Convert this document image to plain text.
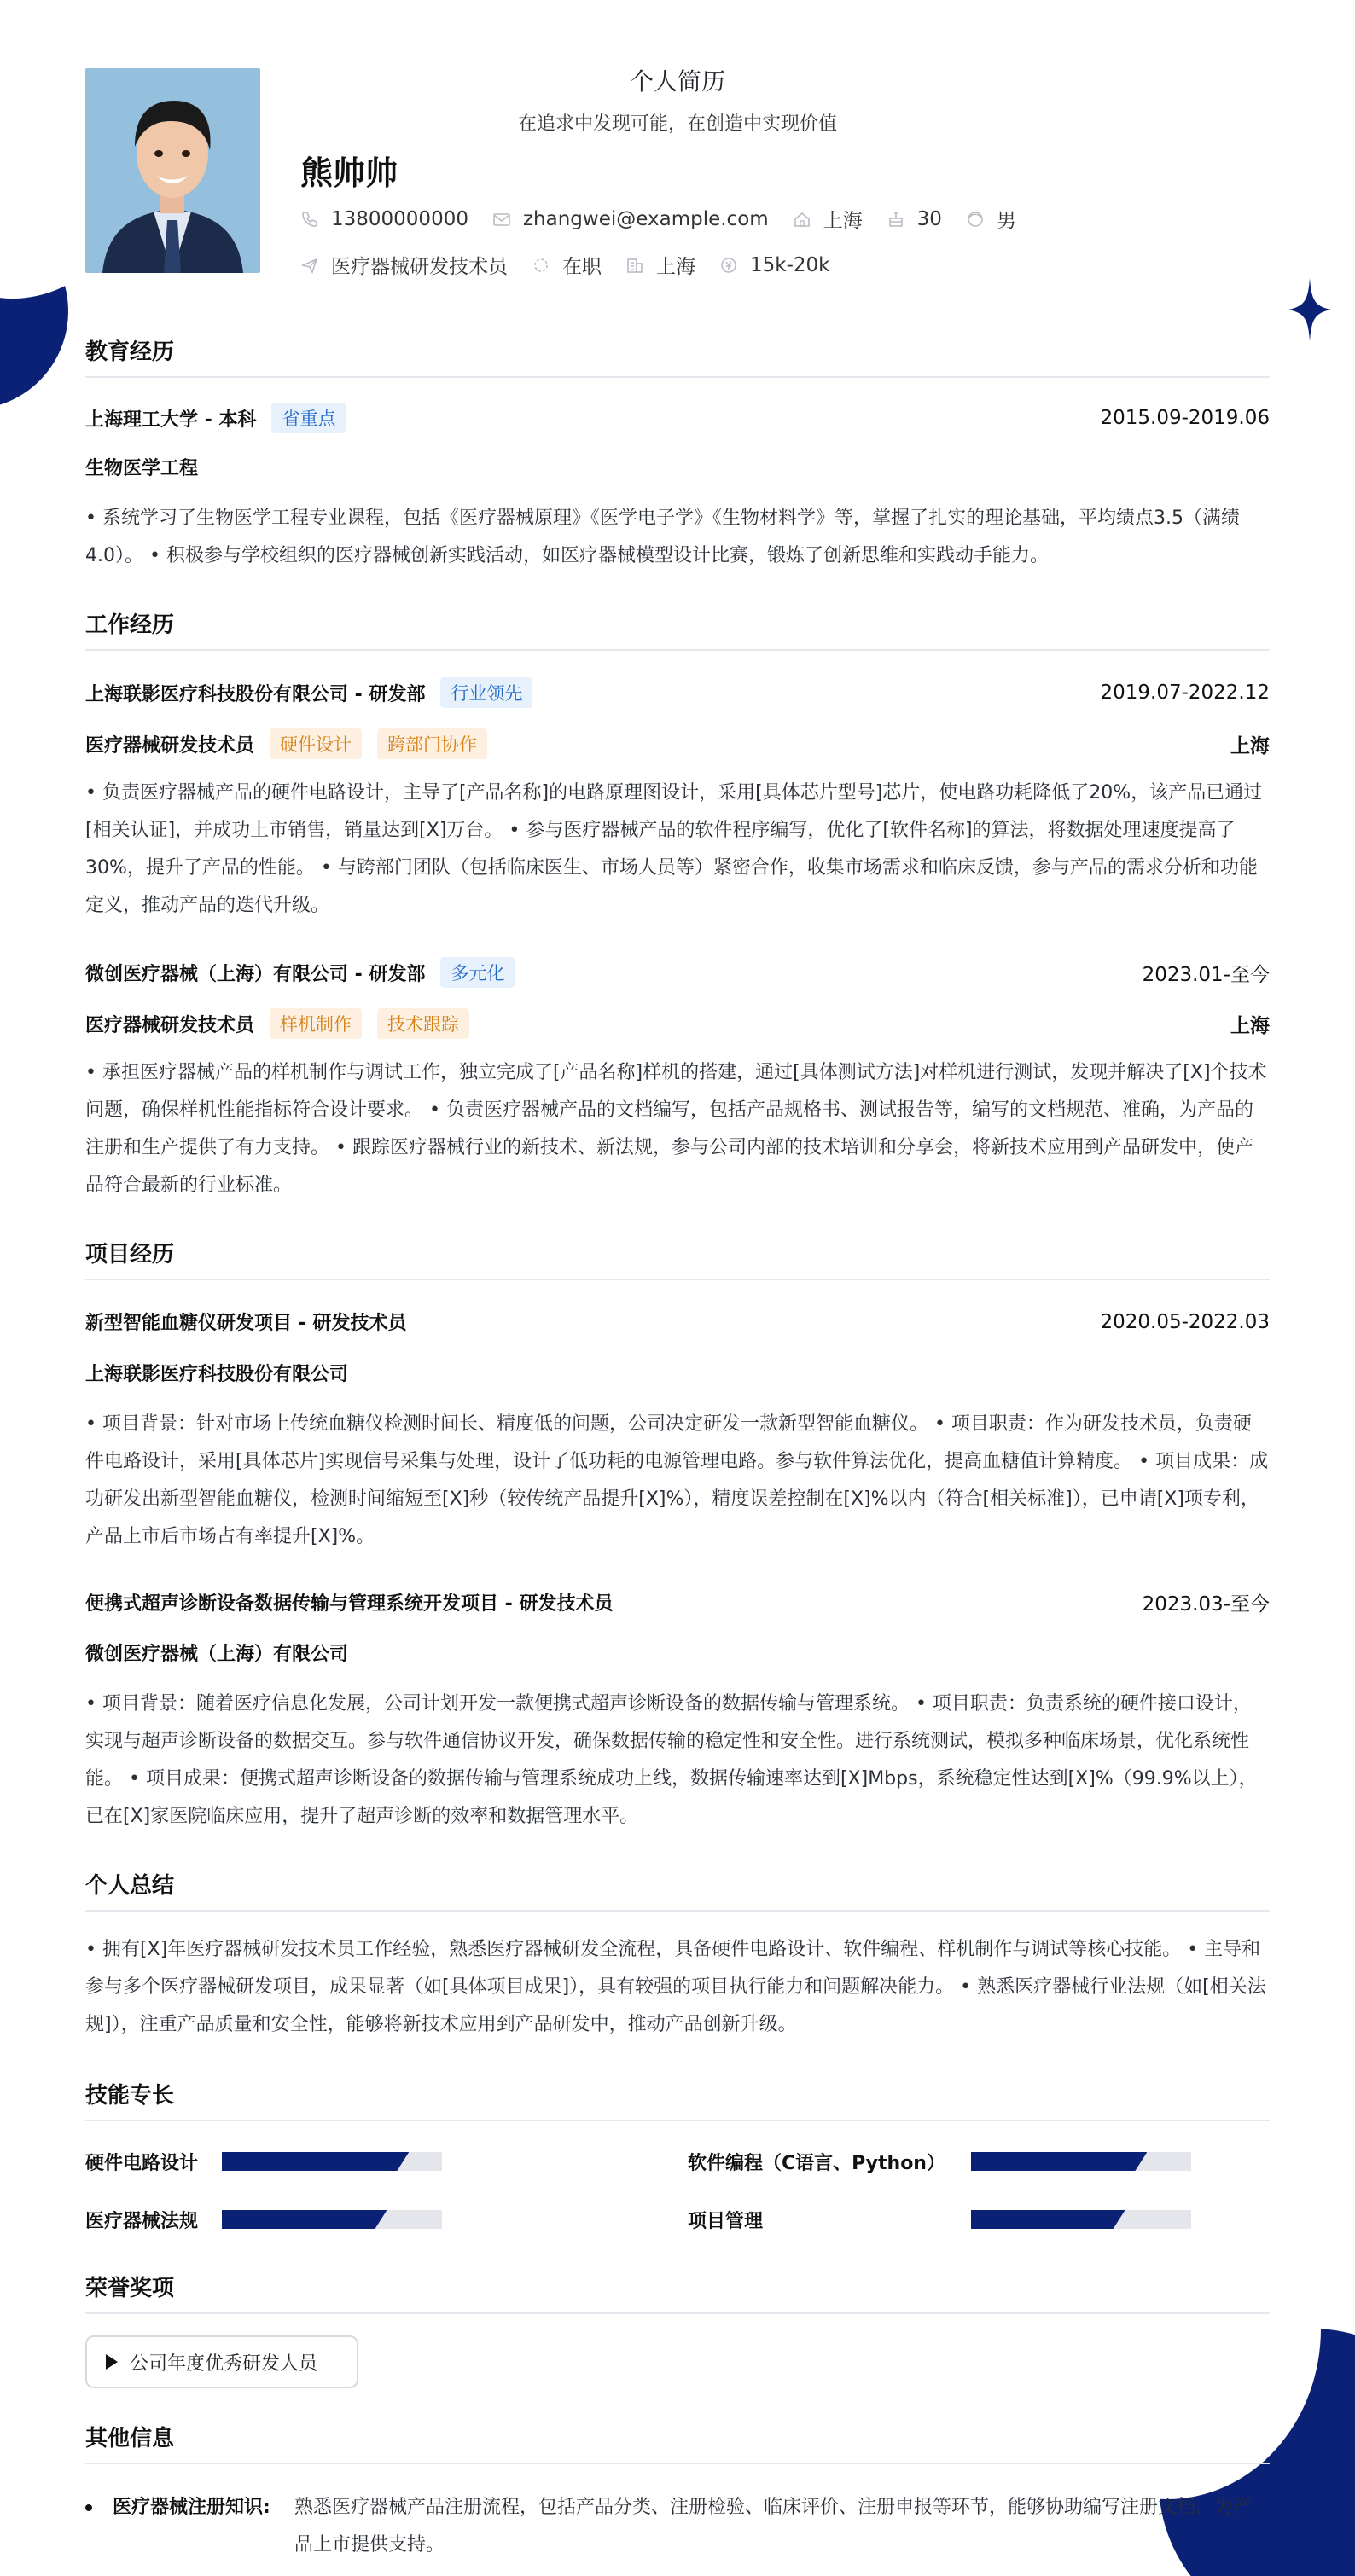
个人简历
在追求中发现可能，在创造中实现价值
熊帅帅
13800000000	zhangwei@example.com	上海	30	男
医疗器械研发技术员	在职	上海	15k-20k
教育经历
上海理工大学 - 本科	省重点	2015.09-2019.06
生物医学工程
• 系统学习了生物医学工程专业课程，包括《医疗器械原理》《医学电子学》《生物材料学》等，掌握了扎实的理论基础，平均绩点3.5（满绩4.0）。 • 积极参与学校组织的医疗器械创新实践活动，如医疗器械模型设计比赛，锻炼了创新思维和实践动手能力。
工作经历
上海联影医疗科技股份有限公司 - 研发部	行业领先	2019.07-2022.12
医疗器械研发技术员	硬件设计	跨部门协作	上海
• 负责医疗器械产品的硬件电路设计，主导了[产品名称]的电路原理图设计，采用[具体芯片型号]芯片，使电路功耗降低了20%，该产品已通过[相关认证]，并成功上市销售，销量达到[X]万台。 • 参与医疗器械产品的软件程序编写，优化了[软件名称]的算法，将数据处理速度提高了30%，提升了产品的性能。 • 与跨部门团队（包括临床医生、市场人员等）紧密合作，收集市场需求和临床反馈，参与产品的需求分析和功能定义，推动产品的迭代升级。
微创医疗器械（上海）有限公司 - 研发部	多元化	2023.01-至今
医疗器械研发技术员	样机制作	技术跟踪	上海
• 承担医疗器械产品的样机制作与调试工作，独立完成了[产品名称]样机的搭建，通过[具体测试方法]对样机进行测试，发现并解决了[X]个技术问题，确保样机性能指标符合设计要求。 • 负责医疗器械产品的文档编写，包括产品规格书、测试报告等，编写的文档规范、准确，为产品的注册和生产提供了有力支持。 • 跟踪医疗器械行业的新技术、新法规，参与公司内部的技术培训和分享会，将新技术应用到产品研发中，使产品符合最新的行业标准。
项目经历
新型智能血糖仪研发项目 - 研发技术员	2020.05-2022.03
上海联影医疗科技股份有限公司
• 项目背景：针对市场上传统血糖仪检测时间长、精度低的问题，公司决定研发一款新型智能血糖仪。 • 项目职责：作为研发技术员，负责硬件电路设计，采用[具体芯片]实现信号采集与处理，设计了低功耗的电源管理电路。参与软件算法优化，提高血糖值计算精度。 • 项目成果：成功研发出新型智能血糖仪，检测时间缩短至[X]秒（较传统产品提升[X]%），精度误差控制在[X]%以内（符合[相关标准]），已申请[X]项专利，产品上市后市场占有率提升[X]%。
便携式超声诊断设备数据传输与管理系统开发项目 - 研发技术员	2023.03-至今
微创医疗器械（上海）有限公司
• 项目背景：随着医疗信息化发展，公司计划开发一款便携式超声诊断设备的数据传输与管理系统。 • 项目职责：负责系统的硬件接口设计，实现与超声诊断设备的数据交互。参与软件通信协议开发，确保数据传输的稳定性和安全性。进行系统测试，模拟多种临床场景，优化系统性能。 • 项目成果：便携式超声诊断设备的数据传输与管理系统成功上线，数据传输速率达到[X]Mbps，系统稳定性达到[X]%（99.9%以上），已在[X]家医院临床应用，提升了超声诊断的效率和数据管理水平。
个人总结
• 拥有[X]年医疗器械研发技术员工作经验，熟悉医疗器械研发全流程，具备硬件电路设计、软件编程、样机制作与调试等核心技能。 • 主导和参与多个医疗器械研发项目，成果显著（如[具体项目成果]），具有较强的项目执行能力和问题解决能力。 • 熟悉医疗器械行业法规（如[相关法规]），注重产品质量和安全性，能够将新技术应用到产品研发中，推动产品创新升级。
技能专长
硬件电路设计	软件编程（C语言、Python）
医疗器械法规	项目管理
荣誉奖项
公司年度优秀研发人员
其他信息
医疗器械注册知识: 熟悉医疗器械产品注册流程，包括产品分类、注册检验、临床评价、注册申报等环节，能够协助编写注册文档，为产品上市提供支持。
